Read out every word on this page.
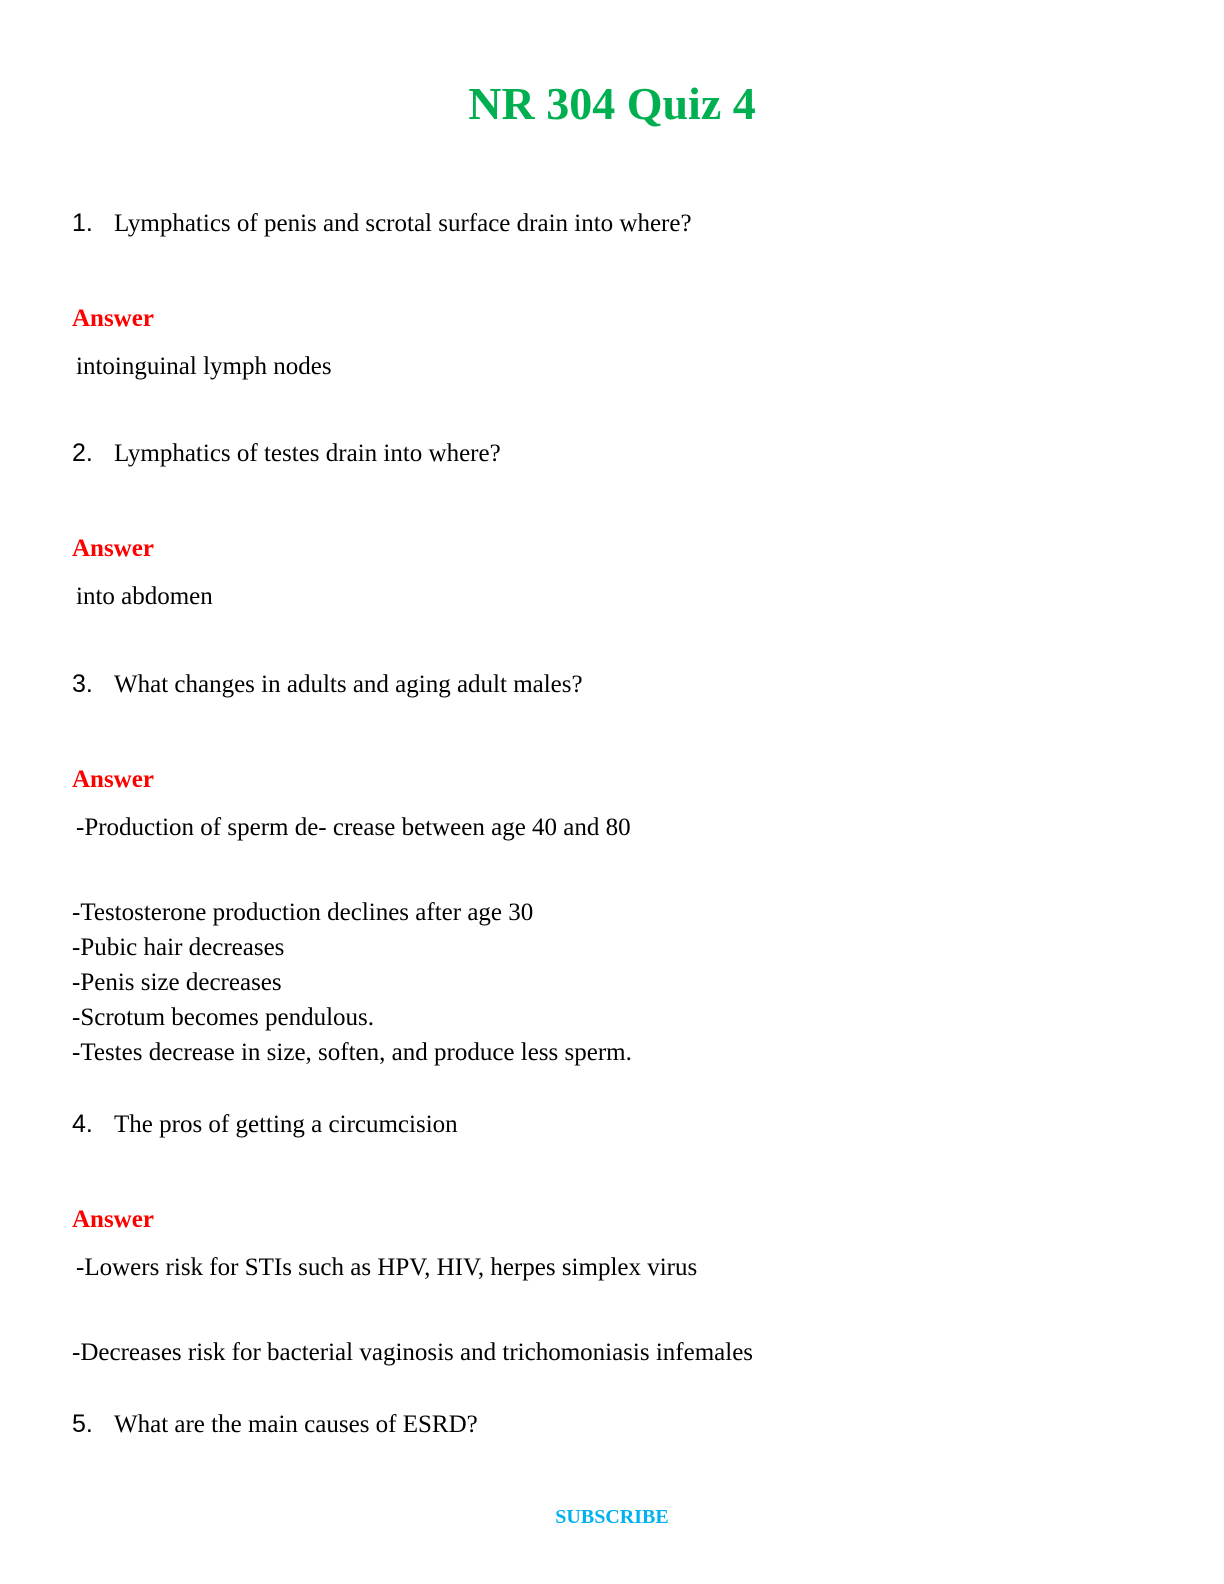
NR 304 Quiz 4
1. Lymphatics of penis and scrotal surface drain into where?
Answer
intoinguinal lymph nodes
2. Lymphatics of testes drain into where?
Answer
into abdomen
3. What changes in adults and aging adult males?
Answer
-Production of sperm de- crease between age 40 and 80
-Testosterone production declines after age 30
-Pubic hair decreases
-Penis size decreases
-Scrotum becomes pendulous.
-Testes decrease in size, soften, and produce less sperm.
4. The pros of getting a circumcision
Answer
-Lowers risk for STIs such as HPV, HIV, herpes simplex virus
-Decreases risk for bacterial vaginosis and trichomoniasis infemales
5. What are the main causes of ESRD?
SUBSCRIBE
